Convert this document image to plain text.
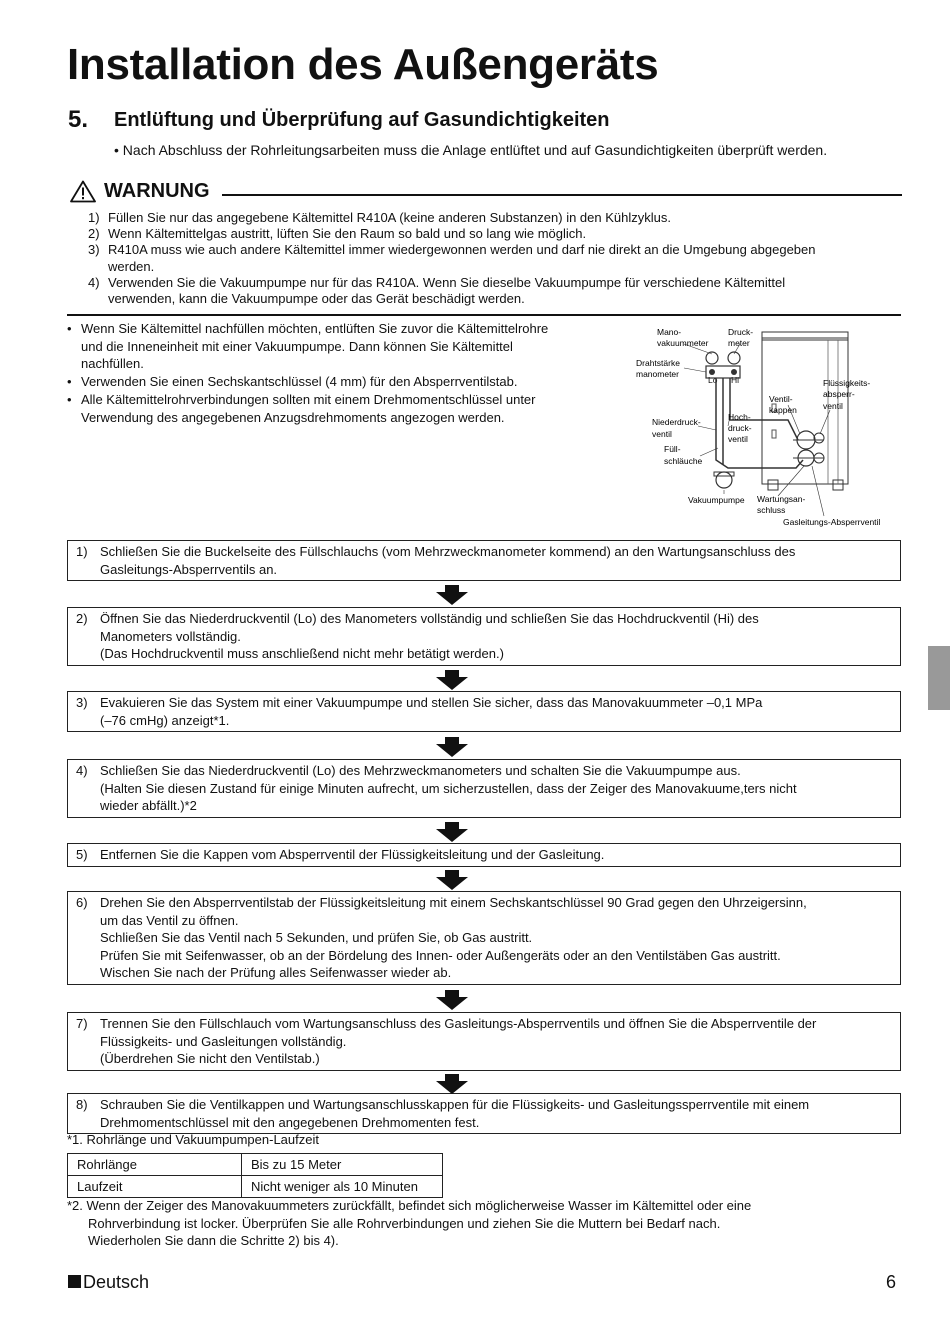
Installation des Außengeräts
5. Entlüftung und Überprüfung auf Gasundichtigkeiten
• Nach Abschluss der Rohrleitungsarbeiten muss die Anlage entlüftet und auf Gasundichtigkeiten überprüft werden.
WARNUNG
1) Füllen Sie nur das angegebene Kältemittel R410A (keine anderen Substanzen) in den Kühlzyklus.
2) Wenn Kältemittelgas austritt, lüften Sie den Raum so bald und so lang wie möglich.
3) R410A muss wie auch andere Kältemittel immer wiedergewonnen werden und darf nie direkt an die Umgebung abgegeben
werden.
4) Verwenden Sie die Vakuumpumpe nur für das R410A. Wenn Sie dieselbe Vakuumpumpe für verschiedene Kältemittel
verwenden, kann die Vakuumpumpe oder das Gerät beschädigt werden.
• Wenn Sie Kältemittel nachfüllen möchten, entlüften Sie zuvor die Kältemittelrohre
und die Inneneinheit mit einer Vakuumpumpe. Dann können Sie Kältemittel
nachfüllen.
• Verwenden Sie einen Sechskantschlüssel (4 mm) für den Absperrventilstab.
• Alle Kältemittelrohrverbindungen sollten mit einem Drehmomentschlüssel unter
Verwendung des angegebenen Anzugsdrehmoments angezogen werden.
Lo Hi
Mano-
vakuummeter
Druck-
meter
Drahtstärke
manometer
Flüssigkeits-
absperr-
ventil
Ventil-
kappen
Niederdruck-
ventil
Hoch-
druck-
ventil
Füll-
schläuche
Vakuumpumpe Wartungsan-
schluss
Gasleitungs-Absperrventil
1) Schließen Sie die Buckelseite des Füllschlauchs (vom Mehrzweckmanometer kommend) an den Wartungsanschluss des
Gasleitungs-Absperrventils an.
2) Öffnen Sie das Niederdruckventil (Lo) des Manometers vollständig und schließen Sie das Hochdruckventil (Hi) des
Manometers vollständig.
(Das Hochdruckventil muss anschließend nicht mehr betätigt werden.)
3) Evakuieren Sie das System mit einer Vakuumpumpe und stellen Sie sicher, dass das Manovakuummeter –0,1 MPa
(–76 cmHg) anzeigt*1.
4) Schließen Sie das Niederdruckventil (Lo) des Mehrzweckmanometers und schalten Sie die Vakuumpumpe aus.
(Halten Sie diesen Zustand für einige Minuten aufrecht, um sicherzustellen, dass der Zeiger des Manovakuume,ters nicht
wieder abfällt.)*2
5) Entfernen Sie die Kappen vom Absperrventil der Flüssigkeitsleitung und der Gasleitung.
6) Drehen Sie den Absperrventilstab der Flüssigkeitsleitung mit einem Sechskantschlüssel 90 Grad gegen den Uhrzeigersinn,
um das Ventil zu öffnen.
Schließen Sie das Ventil nach 5 Sekunden, und prüfen Sie, ob Gas austritt.
Prüfen Sie mit Seifenwasser, ob an der Bördelung des Innen- oder Außengeräts oder an den Ventilstäben Gas austritt.
Wischen Sie nach der Prüfung alles Seifenwasser wieder ab.
7) Trennen Sie den Füllschlauch vom Wartungsanschluss des Gasleitungs-Absperrventils und öffnen Sie die Absperrventile der
Flüssigkeits- und Gasleitungen vollständig.
(Überdrehen Sie nicht den Ventilstab.)
8) Schrauben Sie die Ventilkappen und Wartungsanschlusskappen für die Flüssigkeits- und Gasleitungssperrventile mit einem
Drehmomentschlüssel mit den angegebenen Drehmomenten fest.
*1. Rohrlänge und Vakuumpumpen-Laufzeit
Rohrlänge	Bis zu 15 Meter
Laufzeit	Nicht weniger als 10 Minuten
*2. Wenn der Zeiger des Manovakuummeters zurückfällt, befindet sich möglicherweise Wasser im Kältemittel oder eine
Rohrverbindung ist locker. Überprüfen Sie alle Rohrverbindungen und ziehen Sie die Muttern bei Bedarf nach.
Wiederholen Sie dann die Schritte 2) bis 4).
Deutsch	6
